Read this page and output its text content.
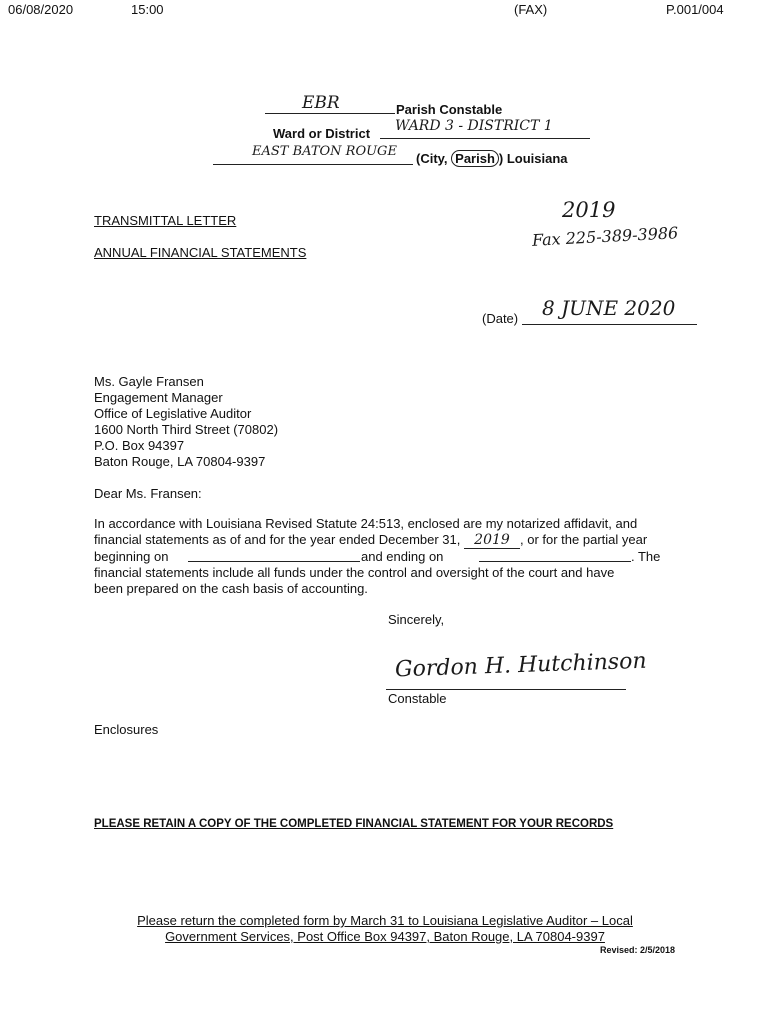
06/08/2020	15:00	(FAX)	P.001/004
EBR	Parish Constable
Ward or District WARD 3 - DISTRICT 1
EAST BATON ROUGE (City, Parish ) Louisiana
TRANSMITTAL LETTER
ANNUAL FINANCIAL STATEMENTS
2019
Fax 225-389-3986
(Date) 8 JUNE 2020
Ms. Gayle Fransen
Engagement Manager
Office of Legislative Auditor
1600 North Third Street (70802)
P.O. Box 94397
Baton Rouge, LA 70804-9397
Dear Ms. Fransen:
In accordance with Louisiana Revised Statute 24:513, enclosed are my notarized affidavit, and
financial statements as of and for the year ended December 31, 2019 , or for the partial year
beginning on	and ending on	. The
financial statements include all funds under the control and oversight of the court and have
been prepared on the cash basis of accounting.
Sincerely,
Gordon H. Hutchinson
Constable
Enclosures
PLEASE RETAIN A COPY OF THE COMPLETED FINANCIAL STATEMENT FOR YOUR RECORDS
Please return the completed form by March 31 to Louisiana Legislative Auditor – Local
Government Services, Post Office Box 94397, Baton Rouge, LA 70804-9397
Revised: 2/5/2018
